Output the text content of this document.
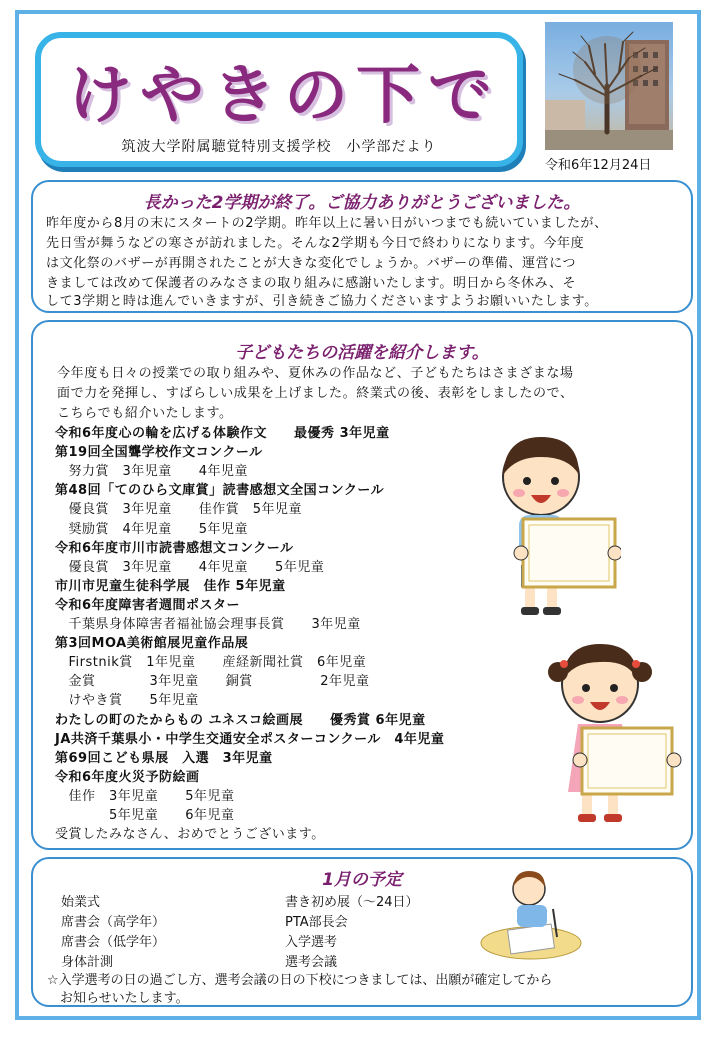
けやきの下で
筑波大学附属聴覚特別支援学校　小学部だより
令和6年12月24日
長かった2学期が終了。ご協力ありがとうございました。
昨年度から8月の末にスタートの2学期。昨年以上に暑い日がいつまでも続いていましたが、
先日雪が舞うなどの寒さが訪れました。そんな2学期も今日で終わりになります。今年度
は文化祭のバザーが再開されたことが大きな変化でしょうか。バザーの準備、運営につ
きましては改めて保護者のみなさまの取り組みに感謝いたします。明日から冬休み、そ
して3学期と時は進んでいきますが、引き続きご協力くださいますようお願いいたします。
子どもたちの活躍を紹介します。
今年度も日々の授業での取り組みや、夏休みの作品など、子どもたちはさまざまな場
面で力を発揮し、すばらしい成果を上げました。終業式の後、表彰をしましたので、
こちらでも紹介いたします。
令和6年度心の輪を広げる体験作文　　最優秀 3年児童
第19回全国聾学校作文コンクール
　努力賞　3年児童　　4年児童
第48回「てのひら文庫賞」読書感想文全国コンクール
　優良賞　3年児童　　佳作賞　5年児童
　奨励賞　4年児童　　5年児童
令和6年度市川市読書感想文コンクール
　優良賞　3年児童　　4年児童　　5年児童
市川市児童生徒科学展　佳作 5年児童
令和6年度障害者週間ポスター
　千葉県身体障害者福祉協会理事長賞　　3年児童
第3回MOA美術館展児童作品展
　Firstnik賞　1年児童　　産経新聞社賞　6年児童
　金賞　　　　3年児童　　銅賞　　　　　2年児童
　けやき賞　　5年児童
わたしの町のたからもの ユネスコ絵画展　　優秀賞 6年児童
JA共済千葉県小・中学生交通安全ポスターコンクール　4年児童
第69回こども県展　入選　3年児童
令和6年度火災予防絵画
　佳作　3年児童　　5年児童
　　　　5年児童　　6年児童
受賞したみなさん、おめでとうございます。
1月の予定
始業式
席書会（高学年）
席書会（低学年）
身体計測
書き初め展（～24日）
PTA部長会
入学選考
選考会議
☆入学選考の日の過ごし方、選考会議の日の下校につきましては、出願が確定してから
　お知らせいたします。
